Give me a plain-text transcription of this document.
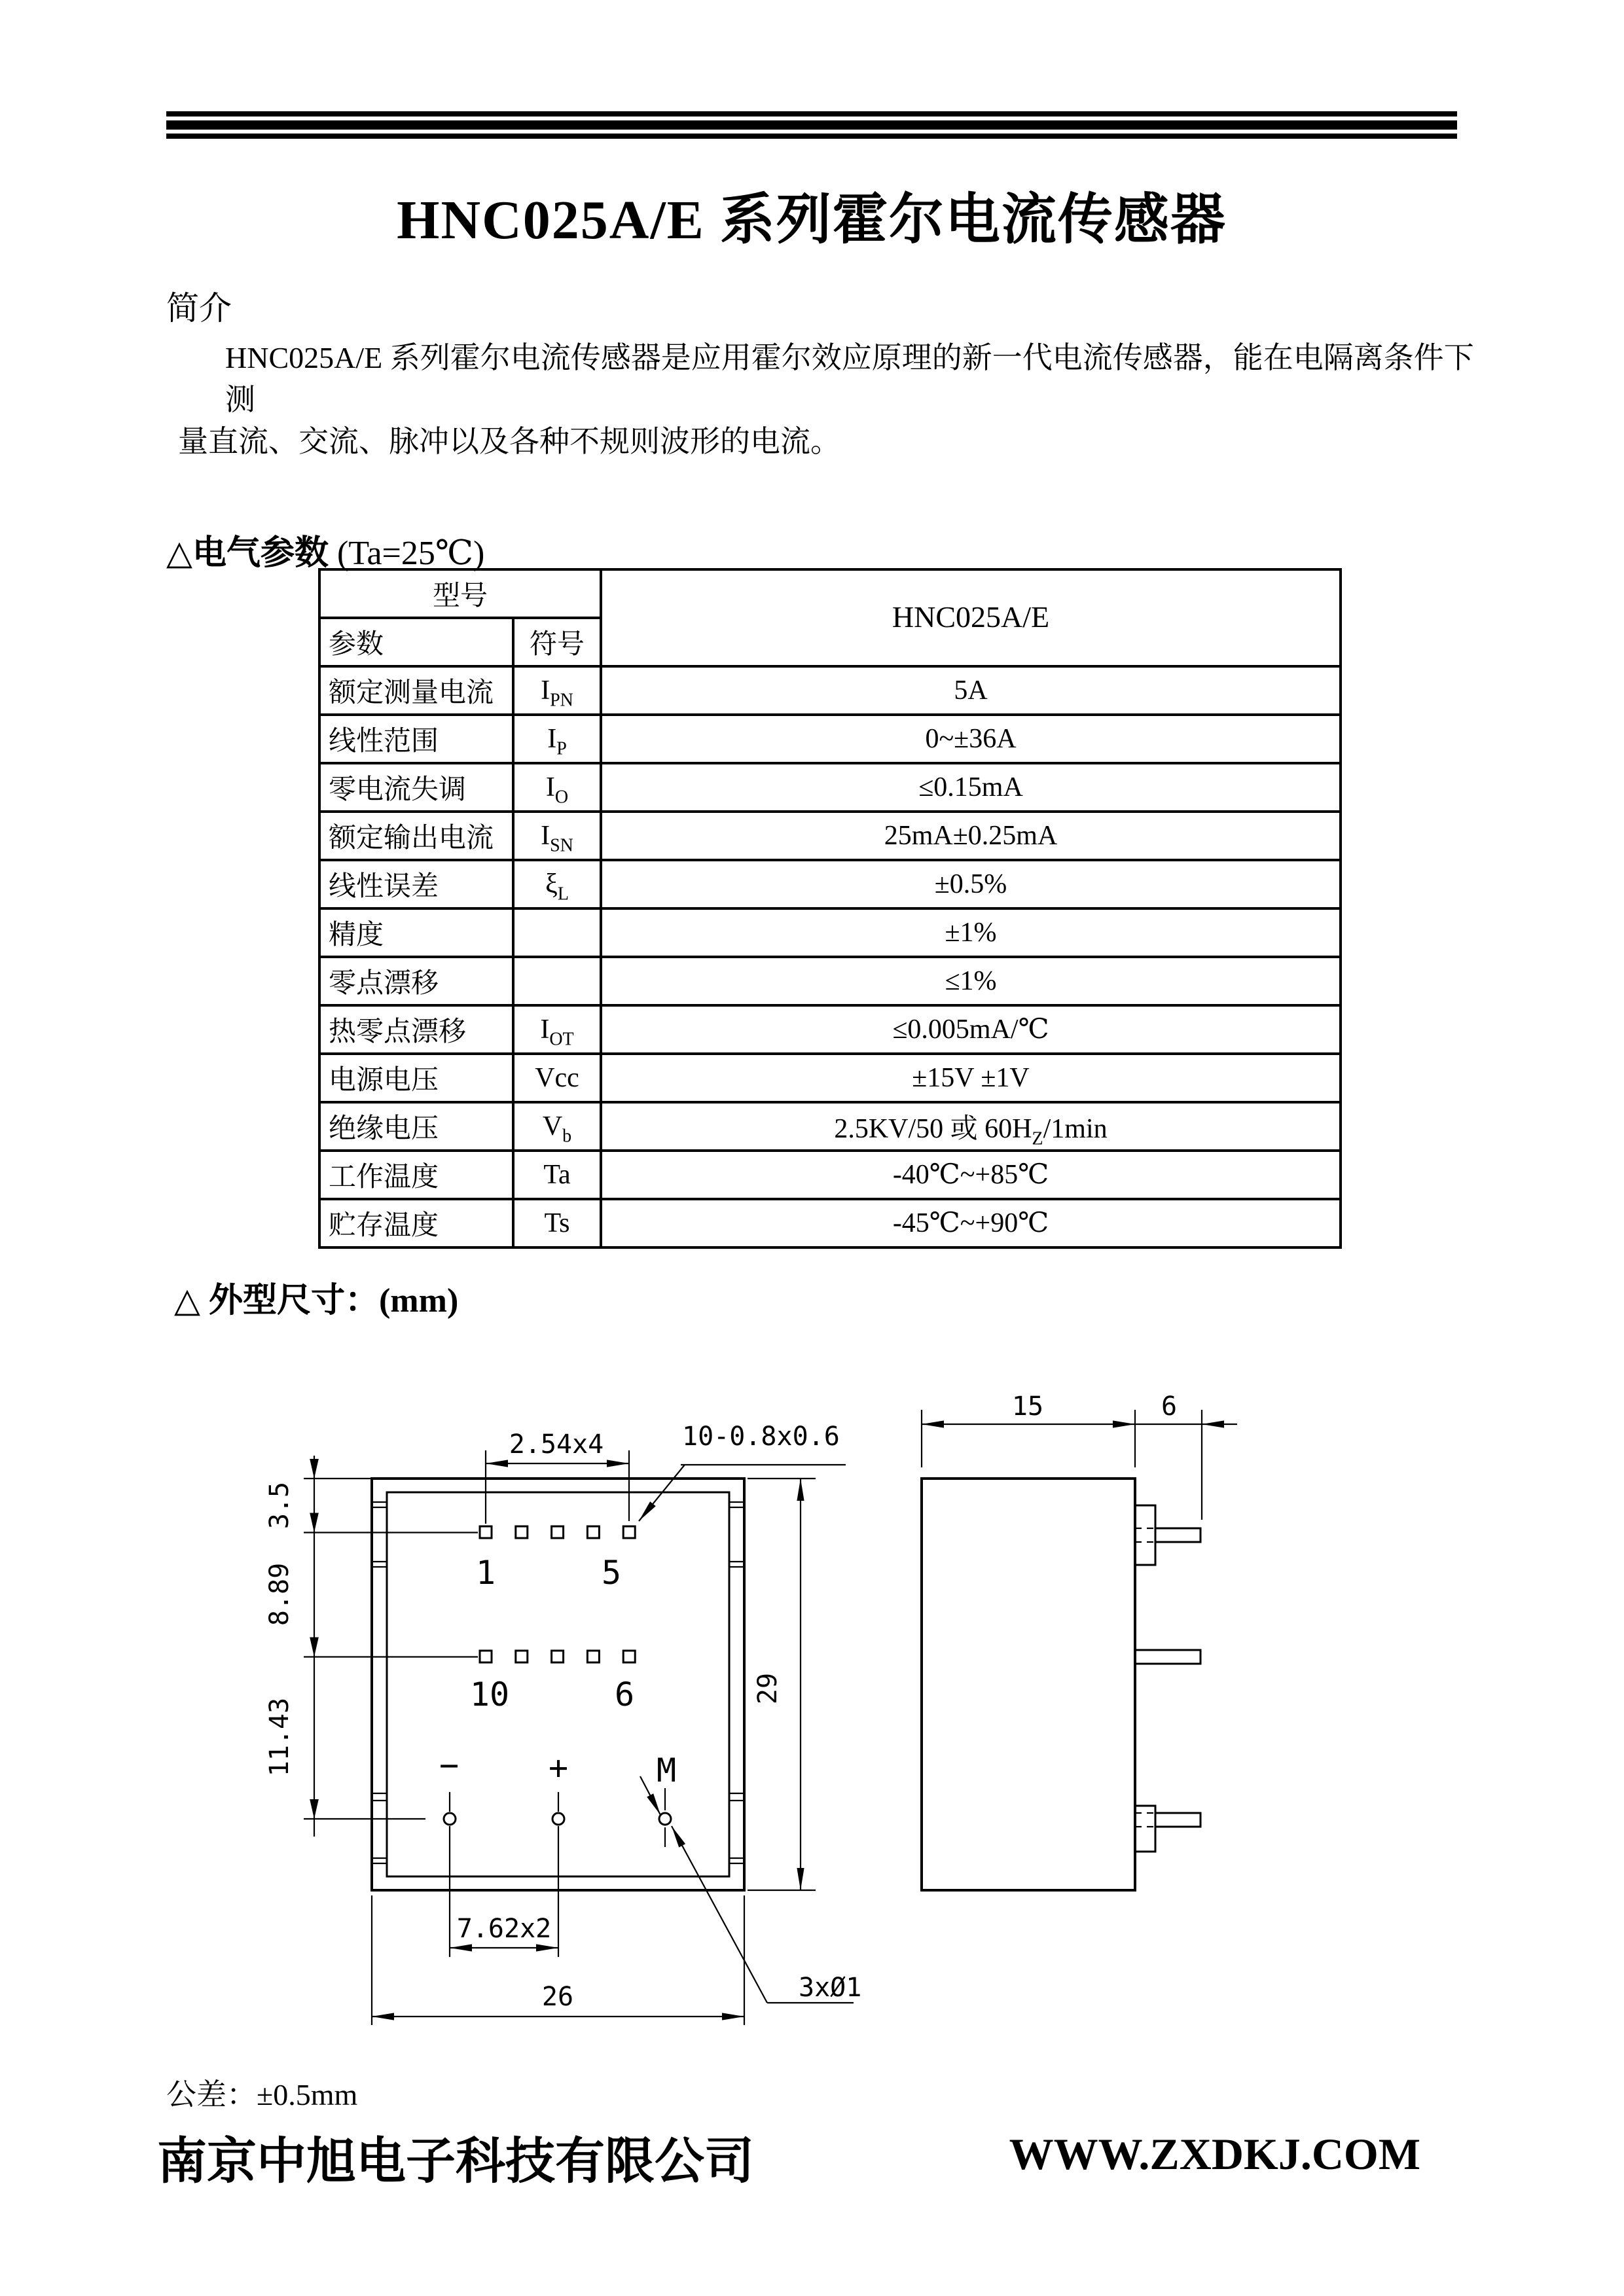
HNC025A/E 系列霍尔电流传感器
简介
HNC025A/E 系列霍尔电流传感器是应用霍尔效应原理的新一代电流传感器，能在电隔离条件下测
量直流、交流、脉冲以及各种不规则波形的电流。
△电气参数 (Ta=25℃)
型号		HNC025A/E
参数	符号	
额定测量电流	$I_{PN}$	5A
线性范围	$I_P$	0~±36A
零电流失调	$I_O$	≤0.15mA
额定输出电流	$I_{SN}$	25mA±0.25mA
线性误差	$\xi_L$	±0.5%
精度		±1%
零点漂移		≤1%
热零点漂移	$I_{OT}$	≤0.005mA/℃
电源电压	Vcc	±15V ±1V
绝缘电压	$V_b$	2.5KV/50 或 $60H_Z/1\min$
工作温度	Ta	-40℃~+85℃
贮存温度	Ts	-45℃~+90℃
△ 外型尺寸：(mm)
1	5
10	6
−	+	M
3.5
8.89
11.43
2.54x4	10-0.8x0.6
29
7.62x2
26	3xØ1
15	6
公差：±0.5mm
南京中旭电子科技有限公司	WWW.ZXDKJ.COM
